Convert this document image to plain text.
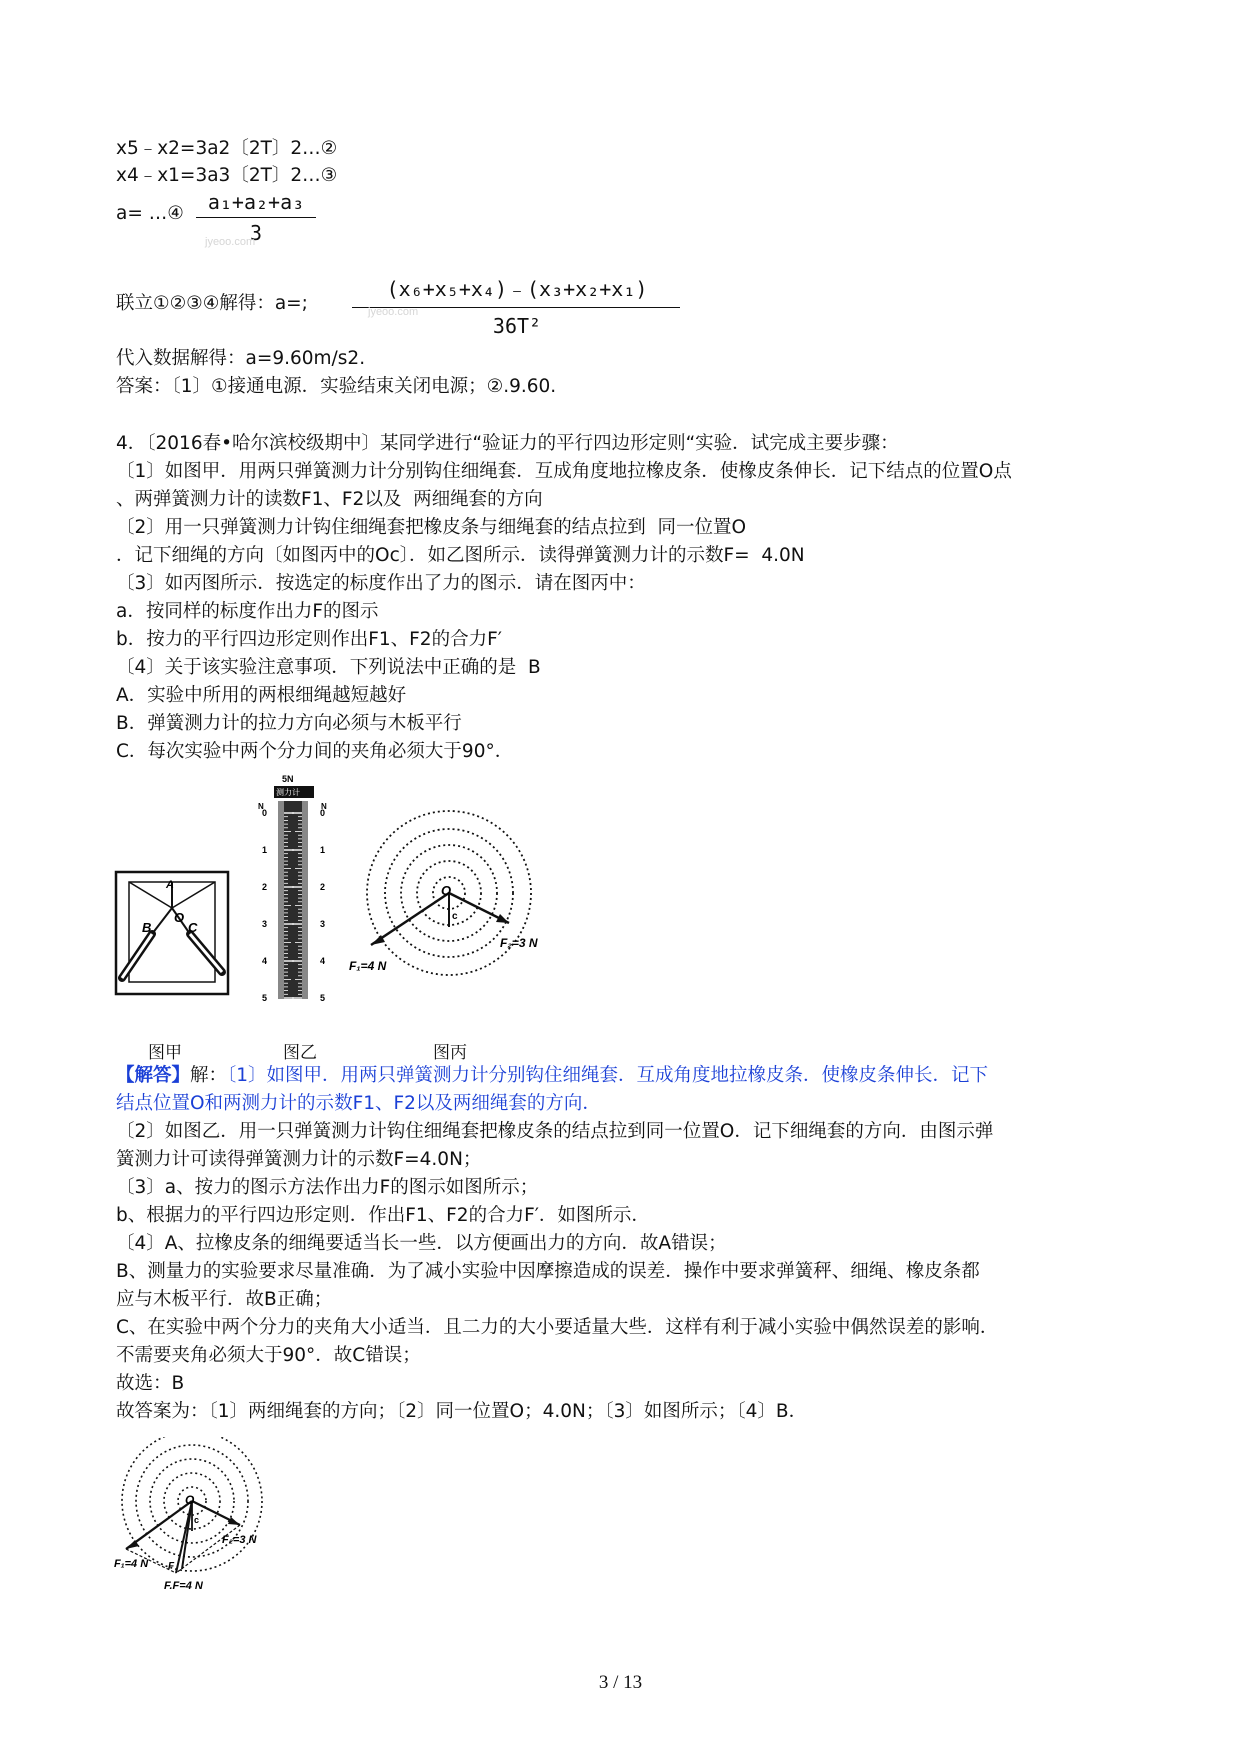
x5﹣x2=3a2〔2T〕2…②
x4﹣x1=3a3〔2T〕2…③
a= …④	a₁+a₂+a₃
3
jyeoo.com
联立①②③④解得：a=;
(x₆+x₅+x₄)﹣(x₃+x₂+x₁)
36T²
jyeoo.com
代入数据解得：a=9.60m/s2.
答案：〔1〕①接通电源．实验结束关闭电源；②.9.60.
4．〔2016春•哈尔滨校级期中〕某同学进行“验证力的平行四边形定则“实验．试完成主要步骤：
〔1〕如图甲．用两只弹簧测力计分别钩住细绳套．互成角度地拉橡皮条．使橡皮条伸长．记下结点的位置O点
、两弹簧测力计的读数F1、F2以及  两细绳套的方向
〔2〕用一只弹簧测力计钩住细绳套把橡皮条与细绳套的结点拉到  同一位置O
．记下细绳的方向〔如图丙中的Oc〕．如乙图所示．读得弹簧测力计的示数F=  4.0N
〔3〕如丙图所示．按选定的标度作出了力的图示．请在图丙中：
a．按同样的标度作出力F的图示
b．按力的平行四边形定则作出F1、F2的合力F′
〔4〕关于该实验注意事项．下列说法中正确的是  B
A．实验中所用的两根细绳越短越好
B．弹簧测力计的拉力方向必须与木板平行
C．每次实验中两个分力间的夹角必须大于90°．
A
B
O
C
5N
测力计
N	N
0	0
1	1
2	2
3	3
4	4
5	5
O
c
F₁=4 N
F₂=3 N
图甲	图乙	图丙
【解答】解：〔1〕如图甲．用两只弹簧测力计分别钩住细绳套．互成角度地拉橡皮条．使橡皮条伸长．记下
结点位置O和两测力计的示数F1、F2以及两细绳套的方向．
〔2〕如图乙．用一只弹簧测力计钩住细绳套把橡皮条的结点拉到同一位置O．记下细绳套的方向．由图示弹
簧测力计可读得弹簧测力计的示数F=4.0N；
〔3〕a、按力的图示方法作出力F的图示如图所示；
b、根据力的平行四边形定则．作出F1、F2的合力F′．如图所示．
〔4〕A、拉橡皮条的细绳要适当长一些．以方便画出力的方向．故A错误；
B、测量力的实验要求尽量准确．为了减小实验中因摩擦造成的误差．操作中要求弹簧秤、细绳、橡皮条都
应与木板平行．故B正确；
C、在实验中两个分力的夹角大小适当．且二力的大小要适量大些．这样有利于减小实验中偶然误差的影响．
不需要夹角必须大于90°．故C错误；
故选：B
故答案为：〔1〕两细绳套的方向；〔2〕同一位置O；4.0N；〔3〕如图所示；〔4〕B．
O
c
F₁=4 N
F₂=3 N
F
F.F=4 N
3 / 13
